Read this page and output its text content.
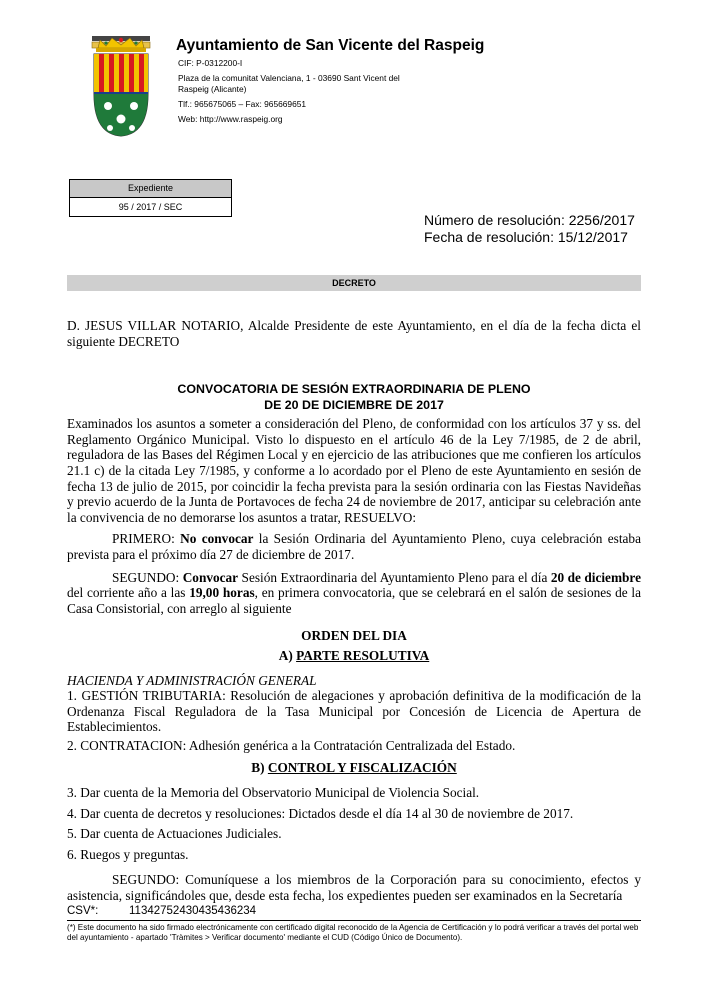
Ayuntamiento de San Vicente del Raspeig
CIF: P-0312200-I
Plaza de la comunitat Valenciana, 1 - 03690 Sant Vicent del
Raspeig (Alicante)
Tlf.: 965675065 – Fax: 965669651
Web: http://www.raspeig.org
Expediente
95 / 2017 / SEC
Número de resolución: 2256/2017
Fecha de resolución: 15/12/2017
DECRETO

D. JESUS VILLAR NOTARIO, Alcalde Presidente de este Ayuntamiento, en el día de la fecha dicta el siguiente DECRETO

CONVOCATORIA DE SESIÓN EXTRAORDINARIA DE PLENO

DE 20 DE DICIEMBRE DE 2017

Examinados los asuntos a someter a consideración del Pleno, de conformidad con los artículos 37 y ss. del Reglamento Orgánico Municipal. Visto lo dispuesto en el artículo 46 de la Ley 7/1985, de 2 de abril, reguladora de las Bases del Régimen Local y en ejercicio de las atribuciones que me confieren los artículos 21.1 c) de la citada Ley 7/1985, y conforme a lo acordado por el Pleno de este Ayuntamiento en sesión de fecha 13 de julio de 2015, por coincidir la fecha prevista para la sesión ordinaria con las Fiestas Navideñas y previo acuerdo de la Junta de Portavoces de fecha 24 de noviembre de 2017, anticipar su celebración ante la convivencia de no demorarse los asuntos a tratar, RESUELVO:

PRIMERO: No convocar la Sesión Ordinaria del Ayuntamiento Pleno, cuya celebración estaba prevista para el próximo día 27 de diciembre de 2017.

SEGUNDO: Convocar Sesión Extraordinaria del Ayuntamiento Pleno para el día 20 de diciembre del corriente año a las 19,00 horas, en primera convocatoria, que se celebrará en el salón de sesiones de la Casa Consistorial, con arreglo al siguiente

ORDEN DEL DIA

A) PARTE RESOLUTIVA

HACIENDA Y ADMINISTRACIÓN GENERAL

1. GESTIÓN TRIBUTARIA: Resolución de alegaciones y aprobación definitiva de la modificación de la Ordenanza Fiscal Reguladora de la Tasa Municipal por Concesión de Licencia de Apertura de Establecimientos.

2. CONTRATACION: Adhesión genérica a la Contratación Centralizada del Estado.

B) CONTROL Y FISCALIZACIÓN

3. Dar cuenta de la Memoria del Observatorio Municipal de Violencia Social.

4. Dar cuenta de decretos y resoluciones: Dictados desde el día 14 al 30 de noviembre de 2017.

5. Dar cuenta de Actuaciones Judiciales.

6. Ruegos y preguntas.

SEGUNDO: Comuníquese a los miembros de la Corporación para su conocimiento, efectos y asistencia, significándoles que, desde esta fecha, los expedientes pueden ser examinados en la Secretaría

CSV*:	11342752430435436234
(*) Este documento ha sido firmado electrónicamente con certificado digital reconocido de la Agencia de Certificación y lo podrá verificar a través del portal web del ayuntamiento - apartado 'Tràmites > Verificar documento' mediante el CUD (Código Único de Documento).
